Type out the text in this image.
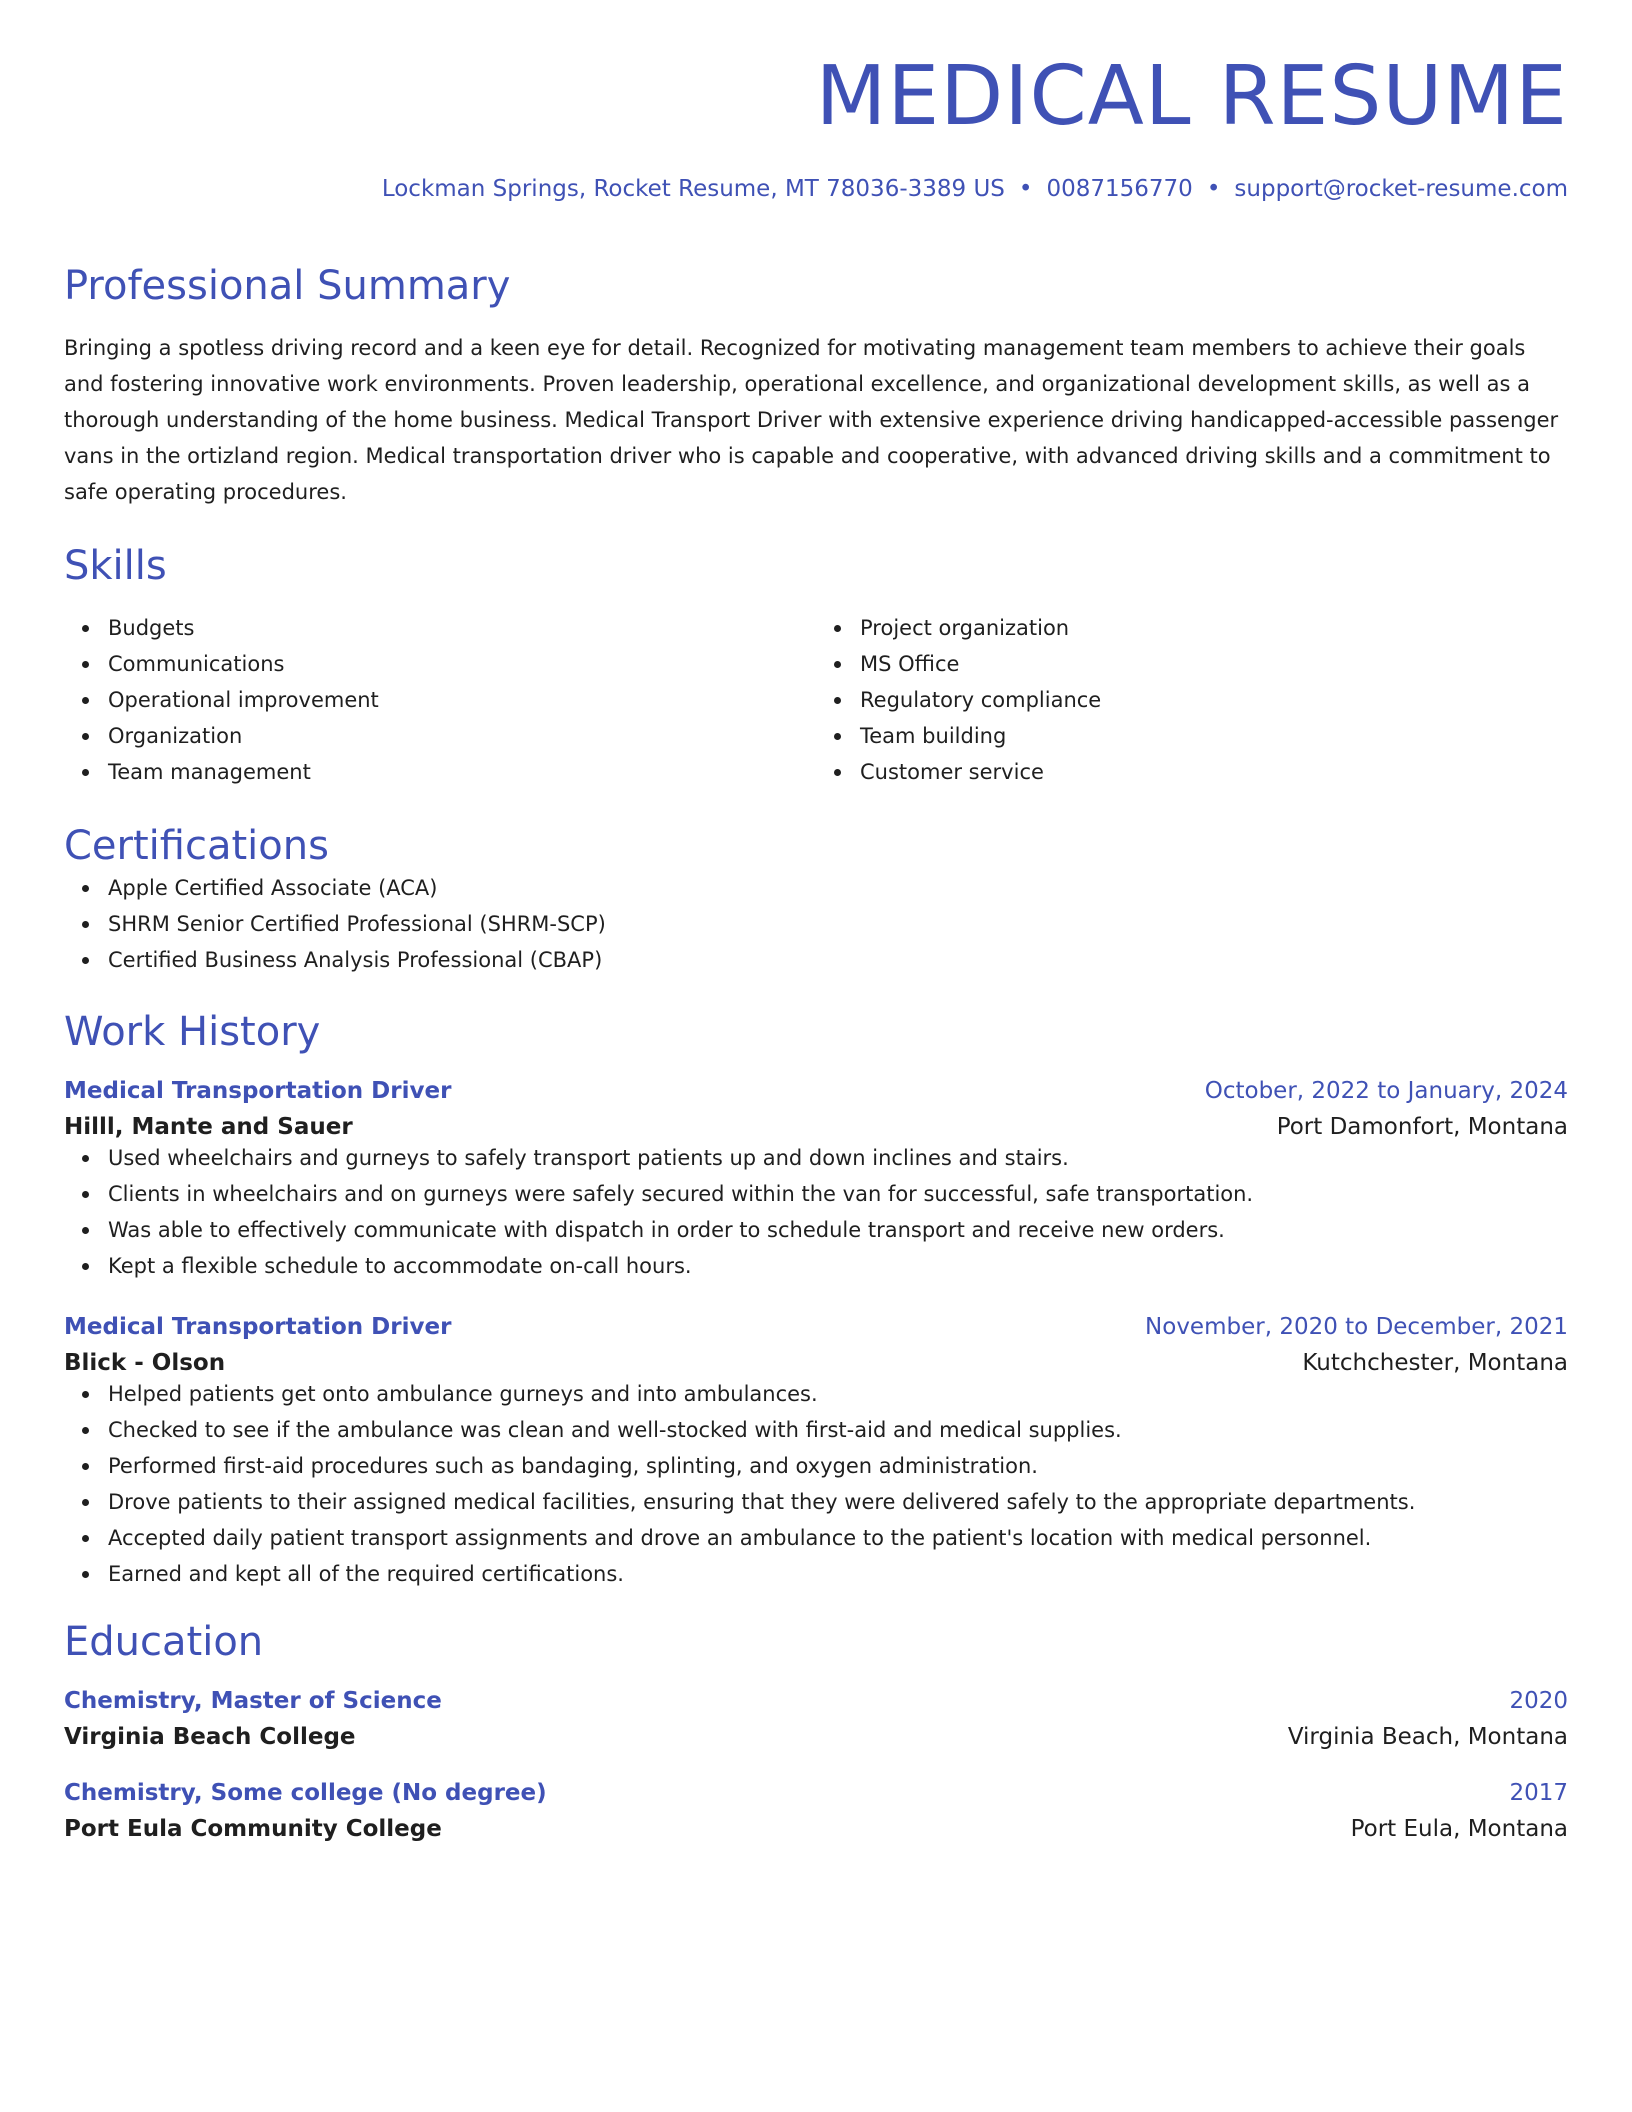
MEDICAL RESUME
Lockman Springs, Rocket Resume, MT 78036-3389 US • 0087156770 • support@rocket-resume.com
Professional Summary
Bringing a spotless driving record and a keen eye for detail. Recognized for motivating management team members to achieve their goals and fostering innovative work environments. Proven leadership, operational excellence, and organizational development skills, as well as a thorough understanding of the home business. Medical Transport Driver with extensive experience driving handicapped-accessible passenger vans in the ortizland region. Medical transportation driver who is capable and cooperative, with advanced driving skills and a commitment to safe operating procedures.
Skills
Budgets
Communications
Operational improvement
Organization
Team management
Project organization
MS Office
Regulatory compliance
Team building
Customer service
Certifications
Apple Certified Associate (ACA)
SHRM Senior Certified Professional (SHRM-SCP)
Certified Business Analysis Professional (CBAP)
Work History
Medical Transportation Driver	October, 2022 to January, 2024
Hilll, Mante and Sauer	Port Damonfort, Montana
Used wheelchairs and gurneys to safely transport patients up and down inclines and stairs.
Clients in wheelchairs and on gurneys were safely secured within the van for successful, safe transportation.
Was able to effectively communicate with dispatch in order to schedule transport and receive new orders.
Kept a flexible schedule to accommodate on-call hours.
Medical Transportation Driver	November, 2020 to December, 2021
Blick - Olson	Kutchchester, Montana
Helped patients get onto ambulance gurneys and into ambulances.
Checked to see if the ambulance was clean and well-stocked with first-aid and medical supplies.
Performed first-aid procedures such as bandaging, splinting, and oxygen administration.
Drove patients to their assigned medical facilities, ensuring that they were delivered safely to the appropriate departments.
Accepted daily patient transport assignments and drove an ambulance to the patient's location with medical personnel.
Earned and kept all of the required certifications.
Education
Chemistry, Master of Science	2020
Virginia Beach College	Virginia Beach, Montana
Chemistry, Some college (No degree)	2017
Port Eula Community College	Port Eula, Montana
